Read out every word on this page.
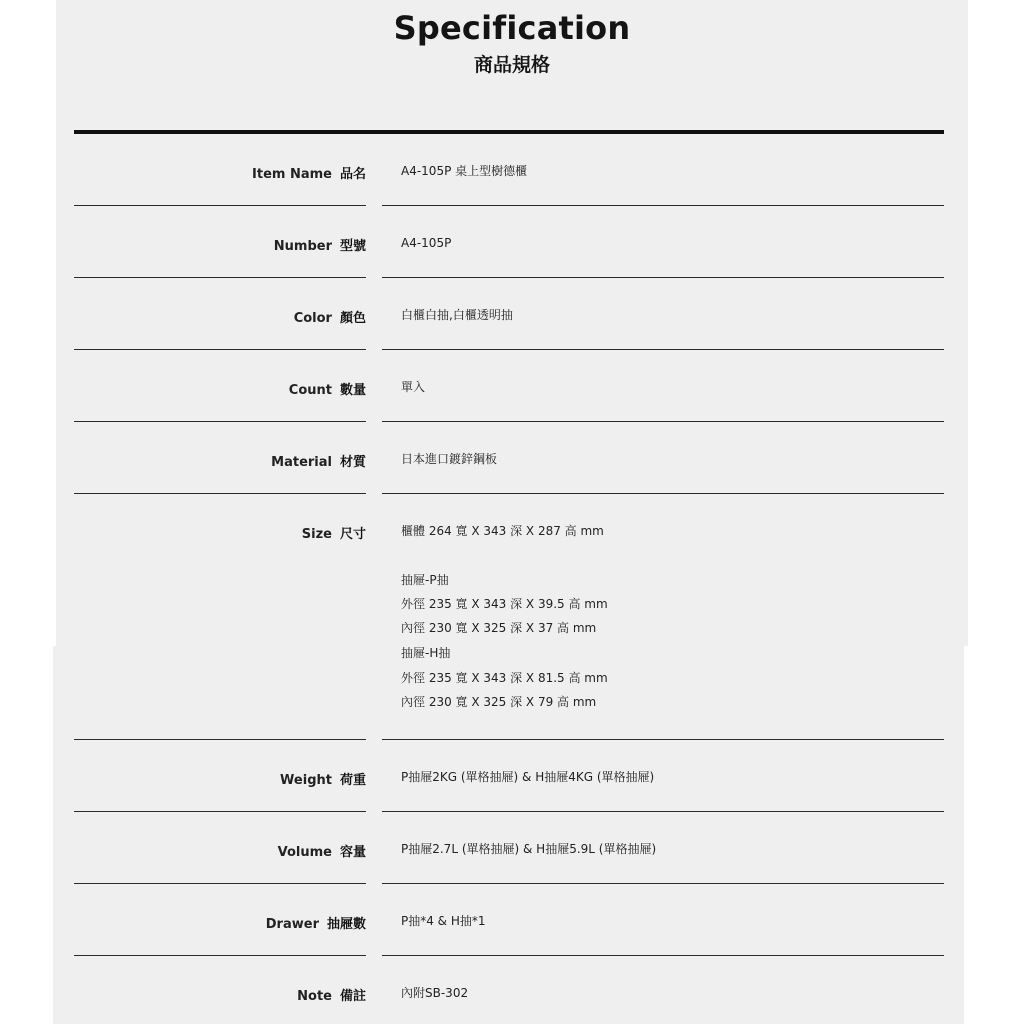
Specification
商品規格
Item Name 品名	A4-105P 桌上型樹德櫃
Number 型號	A4-105P
Color 顏色	白櫃白抽,白櫃透明抽
Count 數量	單入
Material 材質	日本進口鍍鋅鋼板
Size 尺寸	櫃體 264 寬 X 343 深 X 287 高 mm
抽屜-P抽
外徑 235 寬 X 343 深 X 39.5 高 mm
內徑 230 寬 X 325 深 X 37 高 mm
抽屜-H抽
外徑 235 寬 X 343 深 X 81.5 高 mm
內徑 230 寬 X 325 深 X 79 高 mm
Weight 荷重	P抽屜2KG (單格抽屜) & H抽屜4KG (單格抽屜)
Volume 容量	P抽屜2.7L (單格抽屜) & H抽屜5.9L (單格抽屜)
Drawer 抽屜數	P抽*4 & H抽*1
Note 備註	內附SB-302
